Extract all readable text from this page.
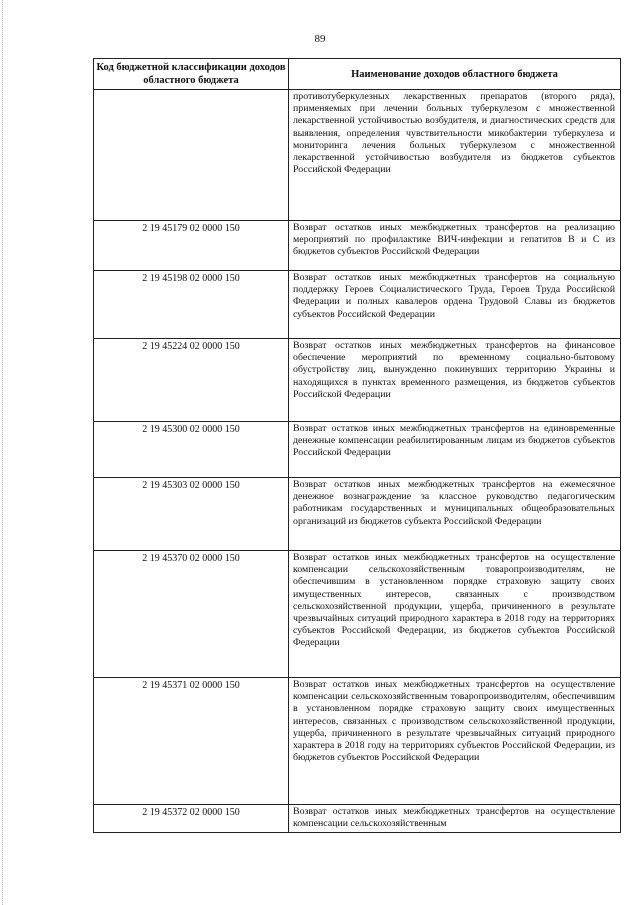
89
Код бюджетной классификации доходов областного бюджета	Наименование доходов областного бюджета
	противотуберкулезных лекарственных препаратов (второго ряда), применяемых при лечении больных туберкулезом с множественной лекарственной устойчивостью возбудителя, и диагностических средств для выявления, определения чувствительности микобактерии туберкулеза и мониторинга лечения больных туберкулезом с множественной лекарственной устойчивостью возбудителя из бюджетов субъектов Российской Федерации
2 19 45179 02 0000 150	Возврат остатков иных межбюджетных трансфертов на реализацию мероприятий по профилактике ВИЧ-инфекции и гепатитов B и C из бюджетов субъектов Российской Федерации
2 19 45198 02 0000 150	Возврат остатков иных межбюджетных трансфертов на социальную поддержку Героев Социалистического Труда, Героев Труда Российской Федерации и полных кавалеров ордена Трудовой Славы из бюджетов субъектов Российской Федерации
2 19 45224 02 0000 150	Возврат остатков иных межбюджетных трансфертов на финансовое обеспечение мероприятий по временному социально-бытовому обустройству лиц, вынужденно покинувших территорию Украины и находящихся в пунктах временного размещения, из бюджетов субъектов Российской Федерации
2 19 45300 02 0000 150	Возврат остатков иных межбюджетных трансфертов на единовременные денежные компенсации реабилитированным лицам из бюджетов субъектов Российской Федерации
2 19 45303 02 0000 150	Возврат остатков иных межбюджетных трансфертов на ежемесячное денежное вознаграждение за классное руководство педагогическим работникам государственных и муниципальных общеобразовательных организаций из бюджетов субъекта Российской Федерации
2 19 45370 02 0000 150	Возврат остатков иных межбюджетных трансфертов на осуществление компенсации сельскохозяйственным товаропроизводителям, не обеспечившим в установленном порядке страховую защиту своих имущественных интересов, связанных с производством сельскохозяйственной продукции, ущерба, причиненного в результате чрезвычайных ситуаций природного характера в 2018 году на территориях субъектов Российской Федерации, из бюджетов субъектов Российской Федерации
2 19 45371 02 0000 150	Возврат остатков иных межбюджетных трансфертов на осуществление компенсации сельскохозяйственным товаропроизводителям, обеспечившим в установленном порядке страховую защиту своих имущественных интересов, связанных с производством сельскохозяйственной продукции, ущерба, причиненного в результате чрезвычайных ситуаций природного характера в 2018 году на территориях субъектов Российской Федерации, из бюджетов субъектов Российской Федерации
2 19 45372 02 0000 150	Возврат остатков иных межбюджетных трансфертов на осуществление компенсации сельскохозяйственным
